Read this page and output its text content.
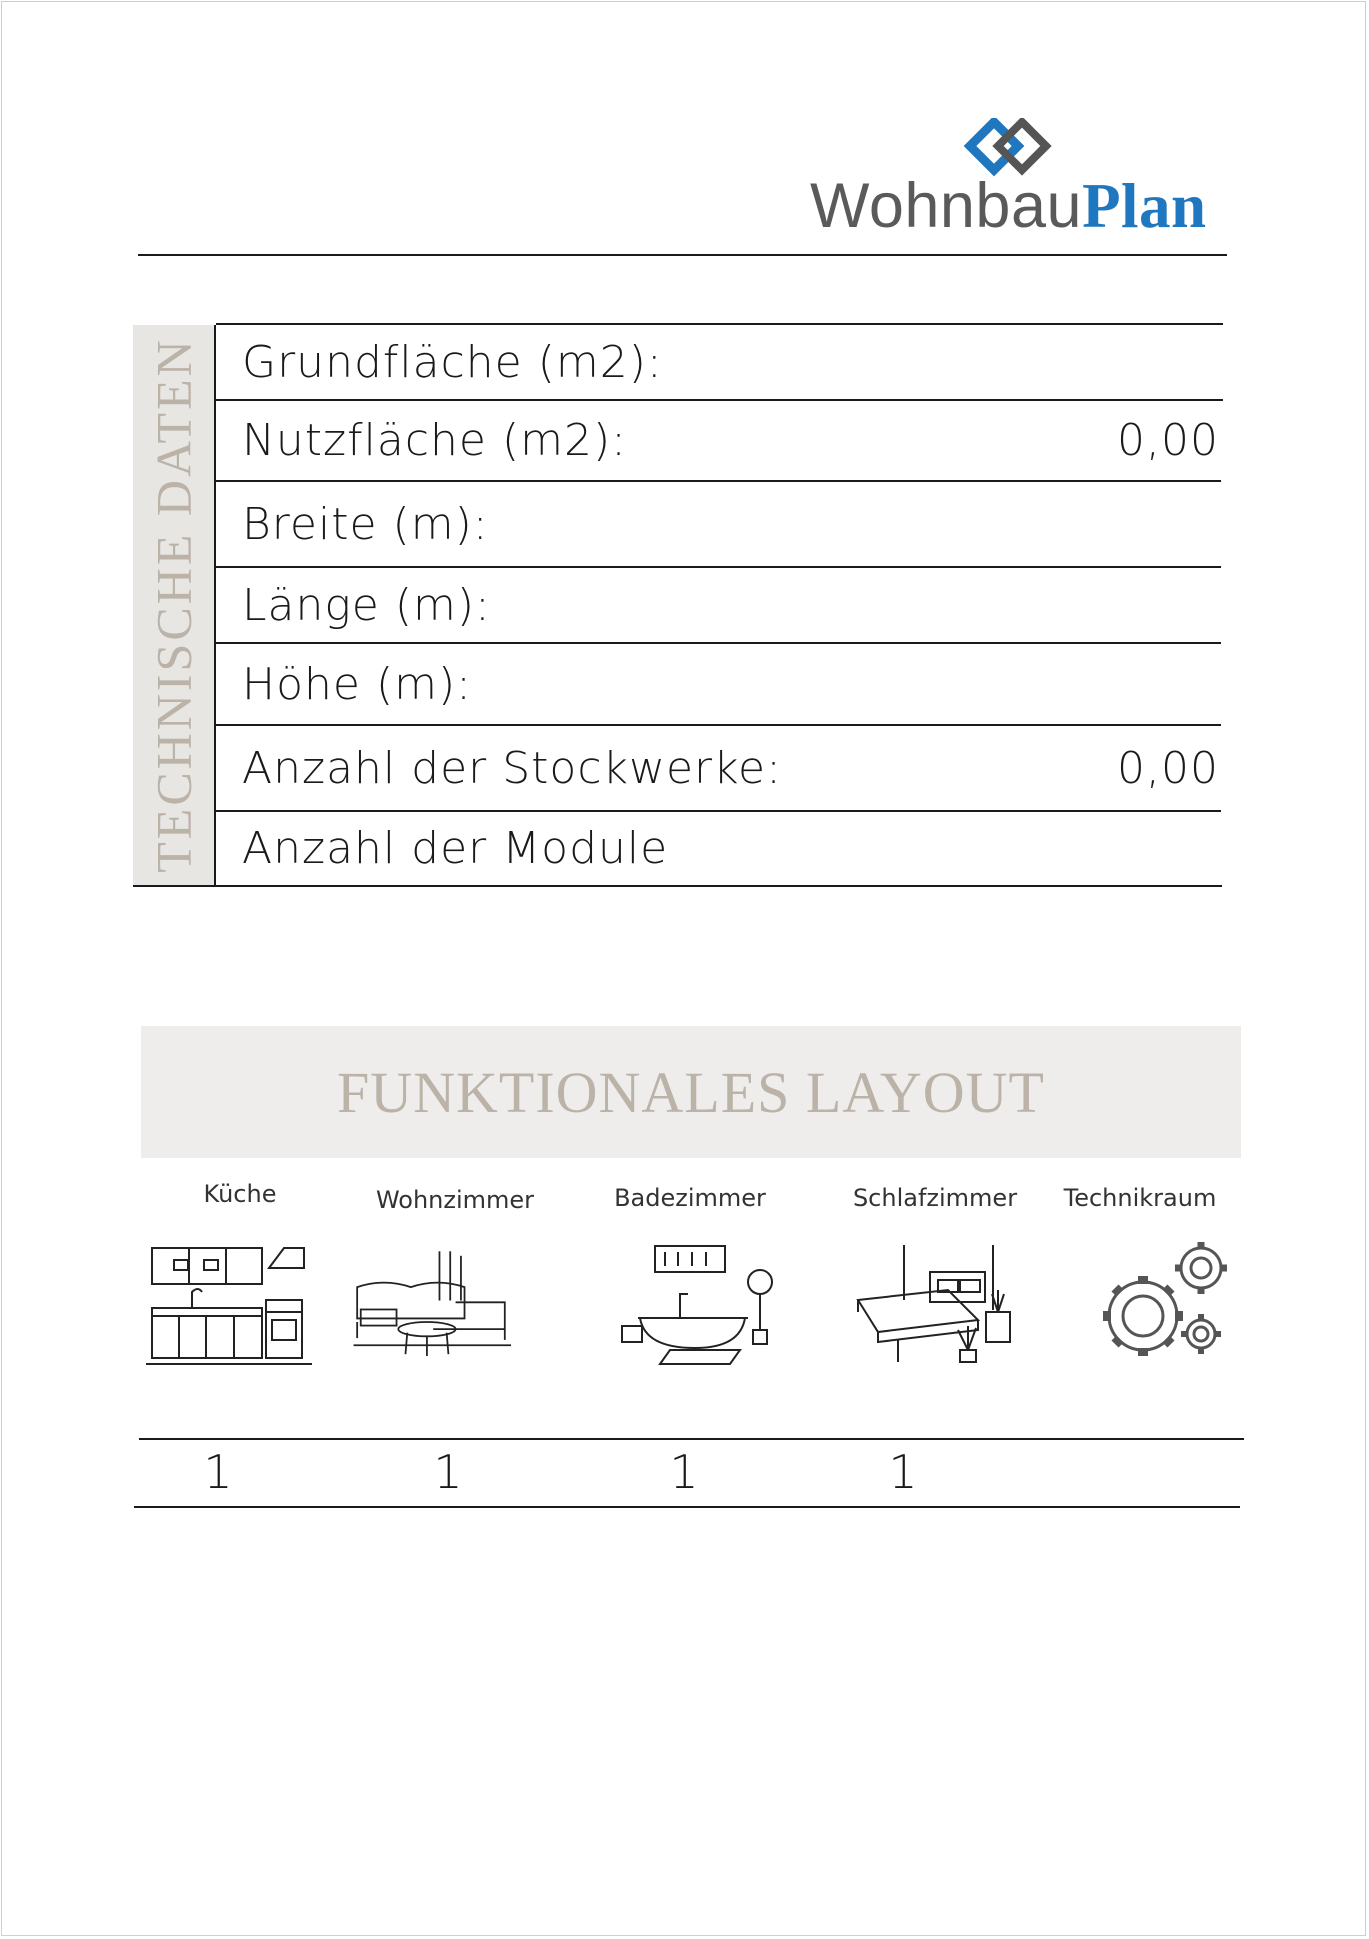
WohnbauPlan
TECHNISCHE DATEN Grundfläche (m2):
Nutzfläche (m2):	0,00
Breite (m):
Länge (m):
Höhe (m):
Anzahl der Stockwerke:	0,00
Anzahl der Module
FUNKTIONALES LAYOUT
Küche	Wohnzimmer	Badezimmer	Schlafzimmer	Technikraum
1	1	1	1
